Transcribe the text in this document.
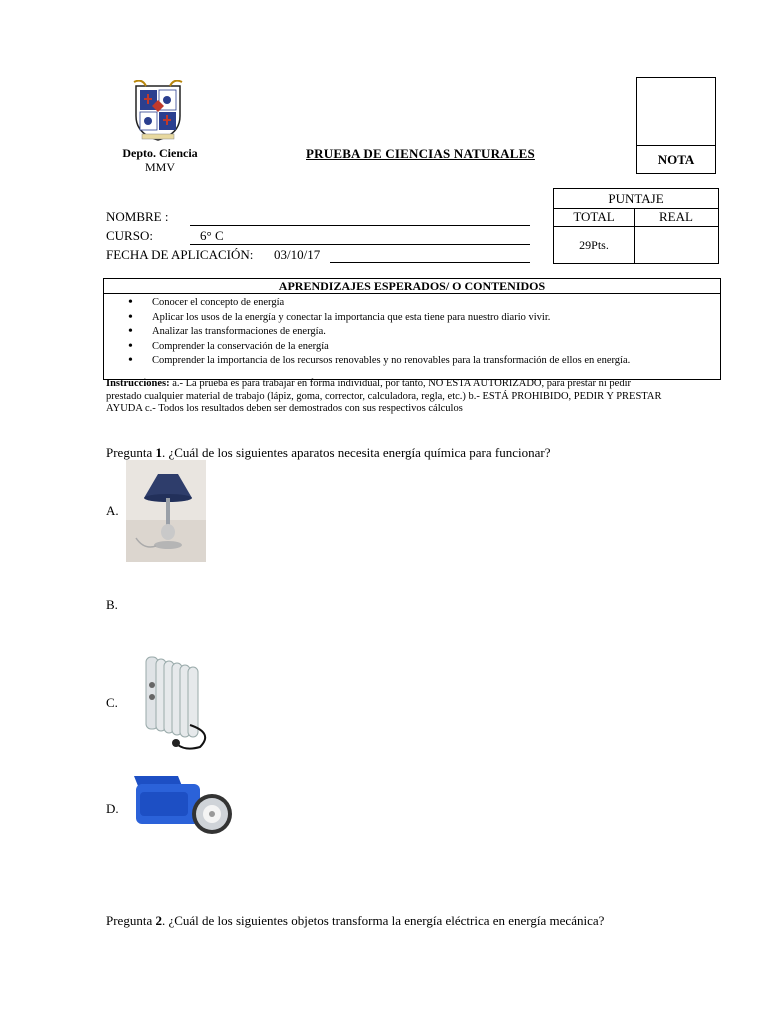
Depto. Ciencia
MMV
PRUEBA DE CIENCIAS NATURALES	NOTA
NOMBRE :
CURSO:	6° C
FECHA DE APLICACIÓN: 03/10/17
PUNTAJE
TOTAL	REAL
29Pts.
APRENDIZAJES ESPERADOS/ O CONTENIDOS
• Conocer el concepto de energía
• Aplicar los usos de la energía y conectar la importancia que esta tiene para nuestro diario vivir.
• Analizar las transformaciones de energía.
• Comprender la conservación de la energía
• Comprender la importancia de los recursos renovables y no renovables para la transformación de ellos en energía.
Instrucciones: a.- La prueba es para trabajar en forma individual, por tanto, NO ESTA AUTORIZADO, para prestar ni pedir prestado cualquier material de trabajo (lápiz, goma, corrector, calculadora, regla, etc.) b.- ESTÁ PROHIBIDO, PEDIR Y PRESTAR AYUDA c.- Todos los resultados deben ser demostrados con sus respectivos cálculos
Pregunta 1. ¿Cuál de los siguientes aparatos necesita energía química para funcionar?
A.
B.
C.
D.
Pregunta 2. ¿Cuál de los siguientes objetos transforma la energía eléctrica en energía mecánica?
